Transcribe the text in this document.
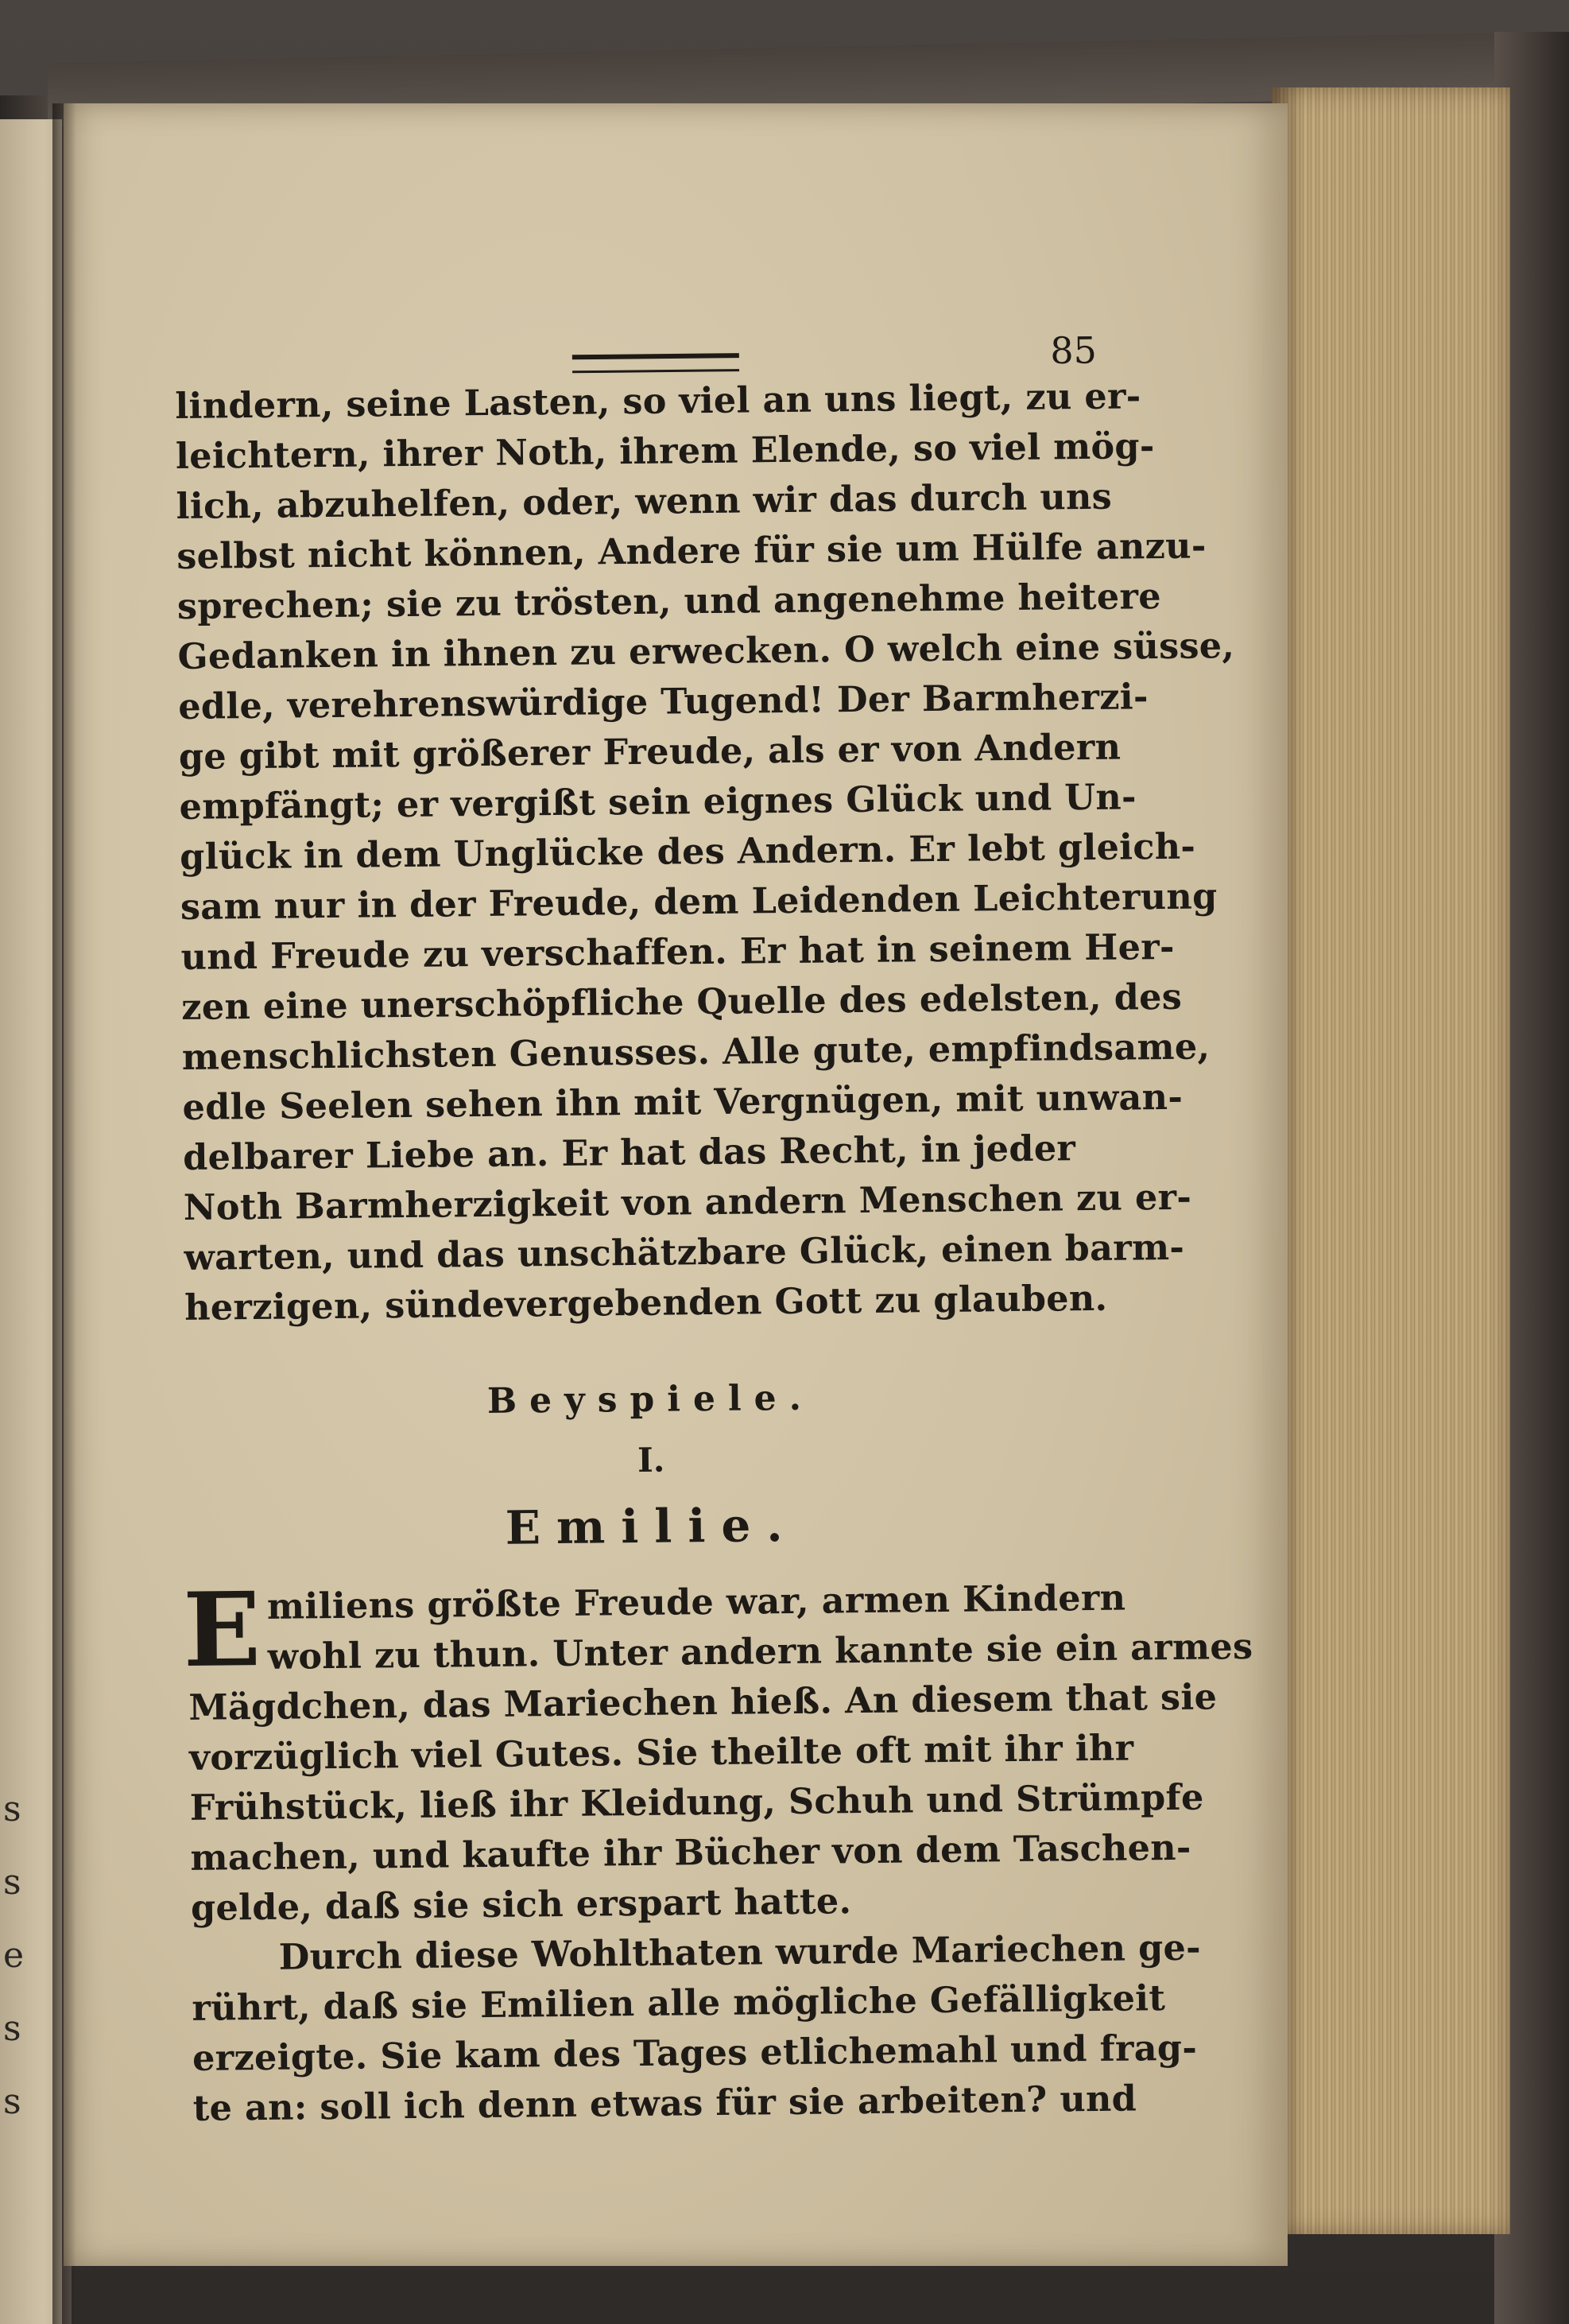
s
s
e
s
s
85

lindern, seine Lasten, so viel an uns liegt, zu er-
leichtern, ihrer Noth, ihrem Elende, so viel mög-
lich, abzuhelfen, oder, wenn wir das durch uns
selbst nicht können, Andere für sie um Hülfe anzu-
sprechen; sie zu trösten, und angenehme heitere
Gedanken in ihnen zu erwecken. O welch eine süsse,
edle, verehrenswürdige Tugend! Der Barmherzi-
ge gibt mit größerer Freude, als er von Andern
empfängt; er vergißt sein eignes Glück und Un-
glück in dem Unglücke des Andern. Er lebt gleich-
sam nur in der Freude, dem Leidenden Leichterung
und Freude zu verschaffen. Er hat in seinem Her-
zen eine unerschöpfliche Quelle des edelsten, des
menschlichsten Genusses. Alle gute, empfindsame,
edle Seelen sehen ihn mit Vergnügen, mit unwan-
delbarer Liebe an. Er hat das Recht, in jeder
Noth Barmherzigkeit von andern Menschen zu er-
warten, und das unschätzbare Glück, einen barm-
herzigen, sündevergebenden Gott zu glauben.

Beyspiele.
I.
Emilie.

E miliens größte Freude war, armen Kindern
wohl zu thun. Unter andern kannte sie ein armes
Mägdchen, das Mariechen hieß. An diesem that sie
vorzüglich viel Gutes. Sie theilte oft mit ihr ihr
Frühstück, ließ ihr Kleidung, Schuh und Strümpfe
machen, und kaufte ihr Bücher von dem Taschen-
gelde, daß sie sich erspart hatte.

Durch diese Wohlthaten wurde Mariechen ge-
rührt, daß sie Emilien alle mögliche Gefälligkeit
erzeigte. Sie kam des Tages etlichemahl und frag-
te an: soll ich denn etwas für sie arbeiten? und
